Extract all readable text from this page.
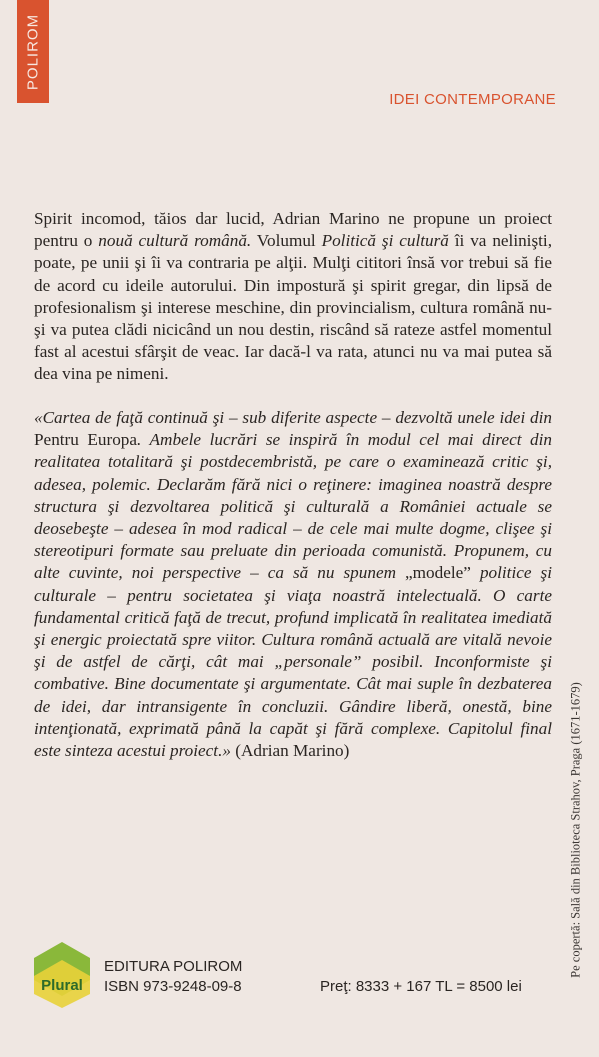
POLIROM
IDEI CONTEMPORANE
Spirit incomod, tăios dar lucid, Adrian Marino ne propune un proiect pentru o nouă cultură română. Volumul Politică şi cultură îi va nelinişti, poate, pe unii şi îi va contraria pe alţii. Mulţi cititori însă vor trebui să fie de acord cu ideile autorului. Din impostură şi spirit gregar, din lipsă de profesionalism şi interese meschine, din provincialism, cultura română nu-şi va putea clădi nicicând un nou destin, riscând să rateze astfel momentul fast al acestui sfârşit de veac. Iar dacă-l va rata, atunci nu va mai putea să dea vina pe nimeni.
«Cartea de faţă continuă şi – sub diferite aspecte – dezvoltă unele idei din Pentru Europa. Ambele lucrări se inspiră în modul cel mai direct din realitatea totalitară şi postdecembristă, pe care o examinează critic şi, adesea, polemic. Declarăm fără nici o reţinere: imaginea noastră despre structura şi dezvoltarea politică şi culturală a României actuale se deosebeşte – adesea în mod radical – de cele mai multe dogme, clişee şi stereotipuri formate sau preluate din perioada comunistă. Propunem, cu alte cuvinte, noi perspective – ca să nu spunem „modele” politice şi culturale – pentru societatea şi viaţa noastră intelectuală. O carte fundamental critică faţă de trecut, profund implicată în realitatea imediată şi energic proiectată spre viitor. Cultura română actuală are vitală nevoie şi de astfel de cărţi, cât mai „personale” posibil. Inconformiste şi combative. Bine documentate şi argumentate. Cât mai suple în dezbaterea de idei, dar intransigente în concluzii. Gândire liberă, onestă, bine intenţionată, exprimată până la capăt şi fără complexe. Capitolul final este sinteza acestui proiect.» (Adrian Marino)	Pe copertă: Sală din Biblioteca Strahov, Praga (1671-1679)
Plural
EDITURA POLIROM
ISBN 973-9248-09-8	Preţ: 8333 + 167 TL = 8500 lei
